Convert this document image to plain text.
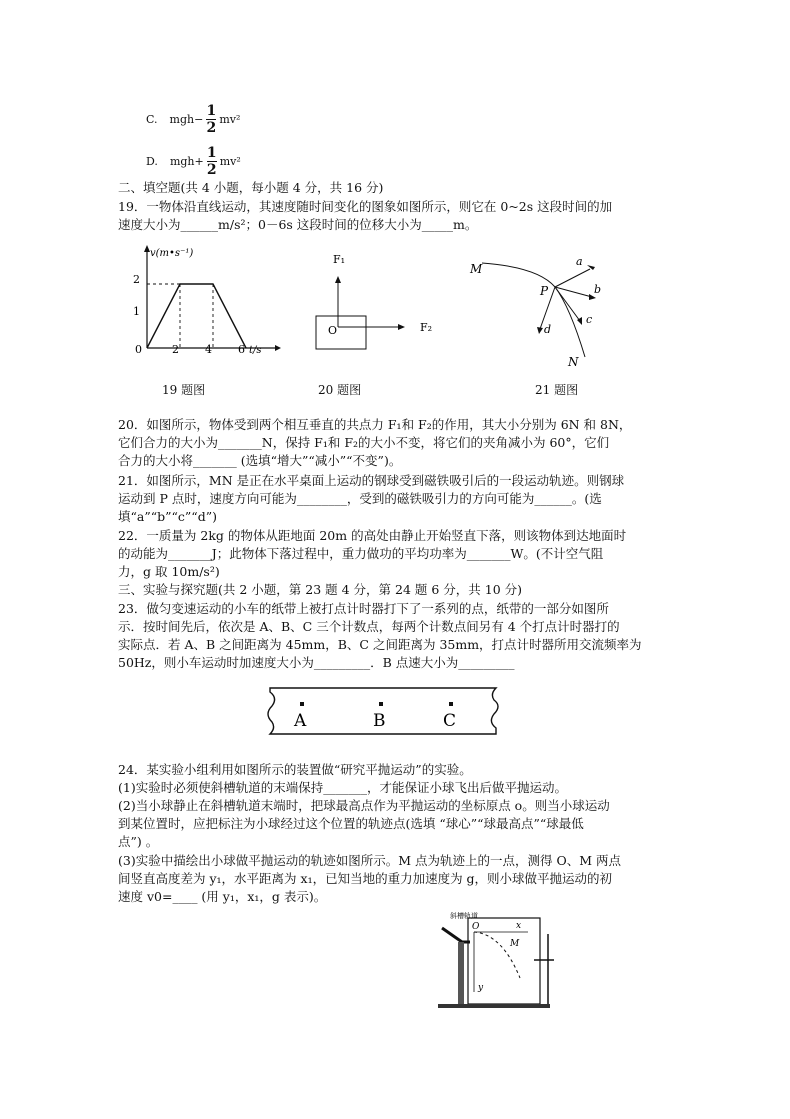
C. $mgh- \frac{1}{2} mv^2$
D. $mgh+ \frac{1}{2} mv^2$
二、填空题(共 4 小题，每小题 4 分，共 16 分)
19．一物体沿直线运动，其速度随时间变化的图象如图所示，则它在 0~2s 这段时间的加
速度大小为______m/s²；0－6s 这段时间的位移大小为_____m。
v(m•s⁻¹)
t/s
2
1
0	2 4 6
19 题图
F₁
O	F₂
20 题图
M
N
P
a
b
c
d
21 题图
20．如图所示，物体受到两个相互垂直的共点力 F₁和 F₂的作用，其大小分别为 6N 和 8N，
它们合力的大小为_______N，保持 F₁和 F₂的大小不变，将它们的夹角减小为 60°，它们
合力的大小将_______ (选填“增大”“减小”“不变”)。
21．如图所示，MN 是正在水平桌面上运动的钢球受到磁铁吸引后的一段运动轨迹。则钢球
运动到 P 点时，速度方向可能为________，受到的磁铁吸引力的方向可能为______。(选
填“a”“b”“c”“d”)
22．一质量为 2kg 的物体从距地面 20m 的高处由静止开始竖直下落，则该物体到达地面时
的动能为_______J；此物体下落过程中，重力做功的平均功率为_______W。(不计空气阻
力，g 取 10m/s²)
三、实验与探究题(共 2 小题，第 23 题 4 分，第 24 题 6 分，共 10 分)
23．做匀变速运动的小车的纸带上被打点计时器打下了一系列的点，纸带的一部分如图所
示．按时间先后，依次是 A、B、C 三个计数点，每两个计数点间另有 4 个打点计时器打的
实际点．若 A、B 之间距离为 45mm，B、C 之间距离为 35mm，打点计时器所用交流频率为
50Hz，则小车运动时加速度大小为_________．B 点速大小为_________
A	B	C
24．某实验小组利用如图所示的装置做“研究平抛运动”的实验。
(1)实验时必须使斜槽轨道的末端保持_______，才能保证小球飞出后做平抛运动。
(2)当小球静止在斜槽轨道末端时，把球最高点作为平抛运动的坐标原点 o。则当小球运动
到某位置时，应把标注为小球经过这个位置的轨迹点(选填 “球心”“球最高点”“球最低
点”) 。
(3)实验中描绘出小球做平抛运动的轨迹如图所示。M 点为轨迹上的一点，测得 O、M 两点
间竖直高度差为 y₁，水平距离为 x₁，已知当地的重力加速度为 g，则小球做平抛运动的初
速度 v0=____ (用 y₁，x₁，g 表示)。
斜槽轨道
O	x
y
M
